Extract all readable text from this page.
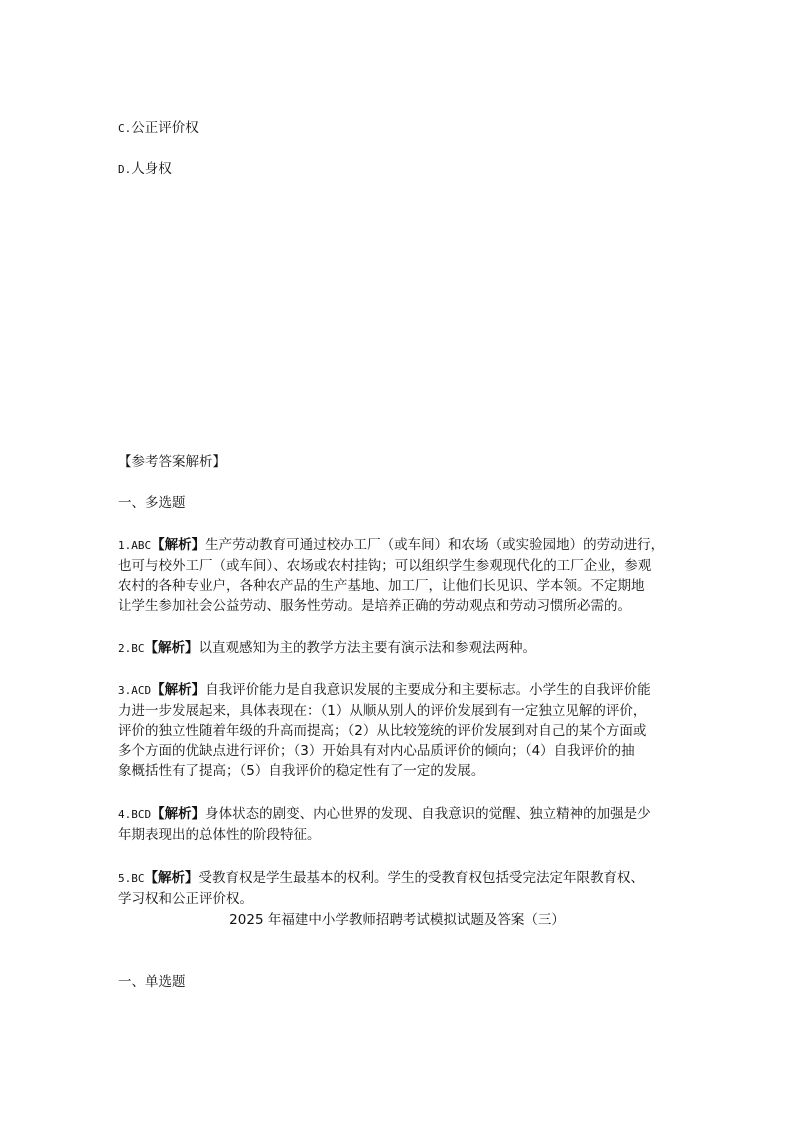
C.公正评价权
D.人身权
【参考答案解析】
一、多选题
1.ABC【解析】生产劳动教育可通过校办工厂（或车间）和农场（或实验园地）的劳动进行，
也可与校外工厂（或车间）、农场或农村挂钩；可以组织学生参观现代化的工厂企业，参观
农村的各种专业户，各种农产品的生产基地、加工厂，让他们长见识、学本领。不定期地
让学生参加社会公益劳动、服务性劳动。是培养正确的劳动观点和劳动习惯所必需的。
2.BC【解析】以直观感知为主的教学方法主要有演示法和参观法两种。
3.ACD【解析】自我评价能力是自我意识发展的主要成分和主要标志。小学生的自我评价能
力进一步发展起来，具体表现在：（1）从顺从别人的评价发展到有一定独立见解的评价，
评价的独立性随着年级的升高而提高；（2）从比较笼统的评价发展到对自己的某个方面或
多个方面的优缺点进行评价；（3）开始具有对内心品质评价的倾向；（4）自我评价的抽
象概括性有了提高；（5）自我评价的稳定性有了一定的发展。
4.BCD【解析】身体状态的剧变、内心世界的发现、自我意识的觉醒、独立精神的加强是少
年期表现出的总体性的阶段特征。
5.BC【解析】受教育权是学生最基本的权利。学生的受教育权包括受完法定年限教育权、
学习权和公正评价权。
2025 年福建中小学教师招聘考试模拟试题及答案（三）
一、单选题
